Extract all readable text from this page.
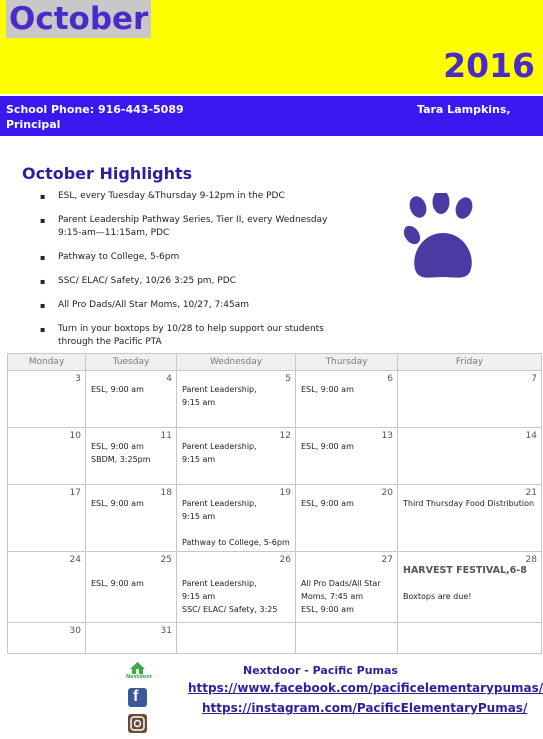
October
2016
School Phone: 916-443-5089	Tara Lampkins,
Principal
October Highlights
▪ ESL, every Tuesday &Thursday 9-12pm in the PDC
▪ Parent Leadership Pathway Series, Tier II, every Wednesday 9:15-am—11:15am, PDC
▪ Pathway to College, 5-6pm
▪ SSC/ ELAC/ Safety, 10/26 3:25 pm, PDC
▪ All Pro Dads/All Star Moms, 10/27, 7:45am
▪ Turn in your boxtops by 10/28 to help support our students through the Pacific PTA
Monday	Tuesday	Wednesday	Thursday	Friday

3	4
ESL, 9:00 am	5
Parent Leadership,
9:15 am	6
ESL, 9:00 am	7

10	11
ESL, 9:00 am
SBDM, 3:25pm	12
Parent Leadership,
9:15 am	13
ESL, 9:00 am	14

17	18
ESL, 9:00 am	19
Parent Leadership,
9:15 am
Pathway to College, 5-6pm	20
ESL, 9:00 am	21
Third Thursday Food Distribution

24	25
ESL, 9:00 am	26
Parent Leadership,
9:15 am
SSC/ ELAC/ Safety, 3:25	27
All Pro Dads/All Star
Moms, 7:45 am
ESL, 9:00 am	28
HARVEST FESTIVAL,6-8
Boxtops are due!

30	31			

Nextdoor	Nextdoor - Pacific Pumas
f	https://www.facebook.com/pacificelementarypumas/
https://instagram.com/PacificElementaryPumas/
